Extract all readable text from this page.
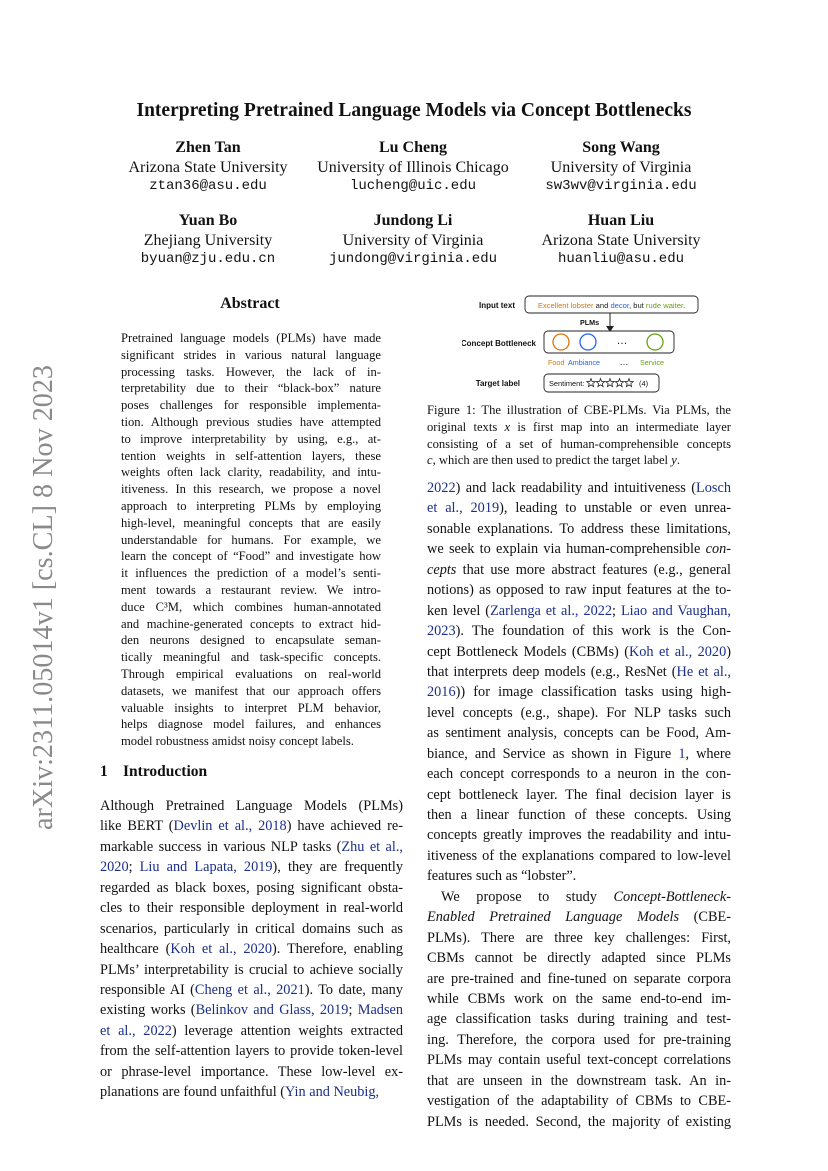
arXiv:2311.05014v1 [cs.CL] 8 Nov 2023
Interpreting Pretrained Language Models via Concept Bottlenecks
Zhen Tan
Arizona State University
ztan36@asu.edu
Lu Cheng
University of Illinois Chicago
lucheng@uic.edu
Song Wang
University of Virginia
sw3wv@virginia.edu
Yuan Bo
Zhejiang University
byuan@zju.edu.cn
Jundong Li
University of Virginia
jundong@virginia.edu
Huan Liu
Arizona State University
huanliu@asu.edu
Abstract
Pretrained language models (PLMs) have made
significant strides in various natural language
processing tasks. However, the lack of in-
terpretability due to their “black-box” nature
poses challenges for responsible implementa-
tion. Although previous studies have attempted
to improve interpretability by using, e.g., at-
tention weights in self-attention layers, these
weights often lack clarity, readability, and intu-
itiveness. In this research, we propose a novel
approach to interpreting PLMs by employing
high-level, meaningful concepts that are easily
understandable for humans. For example, we
learn the concept of “Food” and investigate how
it influences the prediction of a model’s senti-
ment towards a restaurant review. We intro-
duce C³M, which combines human-annotated
and machine-generated concepts to extract hid-
den neurons designed to encapsulate seman-
tically meaningful and task-specific concepts.
Through empirical evaluations on real-world
datasets, we manifest that our approach offers
valuable insights to interpret PLM behavior,
helps diagnose model failures, and enhances
model robustness amidst noisy concept labels.
1 Introduction
Although Pretrained Language Models (PLMs)
like BERT (Devlin et al., 2018) have achieved re-
markable success in various NLP tasks (Zhu et al.,
2020; Liu and Lapata, 2019), they are frequently
regarded as black boxes, posing significant obsta-
cles to their responsible deployment in real-world
scenarios, particularly in critical domains such as
healthcare (Koh et al., 2020). Therefore, enabling
PLMs’ interpretability is crucial to achieve socially
responsible AI (Cheng et al., 2021). To date, many
existing works (Belinkov and Glass, 2019; Madsen
et al., 2022) leverage attention weights extracted
from the self-attention layers to provide token-level
or phrase-level importance. These low-level ex-
planations are found unfaithful (Yin and Neubig,
2022) and lack readability and intuitiveness (Losch
et al., 2019), leading to unstable or even unrea-
sonable explanations. To address these limitations,
we seek to explain via human-comprehensible con-
cepts that use more abstract features (e.g., general
notions) as opposed to raw input features at the to-
ken level (Zarlenga et al., 2022; Liao and Vaughan,
2023). The foundation of this work is the Con-
cept Bottleneck Models (CBMs) (Koh et al., 2020)
that interprets deep models (e.g., ResNet (He et al.,
2016)) for image classification tasks using high-
level concepts (e.g., shape). For NLP tasks such
as sentiment analysis, concepts can be Food, Am-
biance, and Service as shown in Figure 1, where
each concept corresponds to a neuron in the con-
cept bottleneck layer. The final decision layer is
then a linear function of these concepts. Using
concepts greatly improves the readability and intu-
itiveness of the explanations compared to low-level
features such as “lobster”.
We propose to study Concept-Bottleneck-
Enabled Pretrained Language Models (CBE-
PLMs). There are three key challenges: First,
CBMs cannot be directly adapted since PLMs
are pre-trained and fine-tuned on separate corpora
while CBMs work on the same end-to-end im-
age classification tasks during training and test-
ing. Therefore, the corpora used for pre-training
PLMs may contain useful text-concept correlations
that are unseen in the downstream task. An in-
vestigation of the adaptability of CBMs to CBE-
PLMs is needed. Second, the majority of existing
Input text	Excellent lobster and decor, but rude waiter.
PLMs
Concept Bottleneck	…
Food Ambiance … Service
Target label	Sentiment:	(4)
Figure 1: The illustration of CBE-PLMs. Via PLMs, the
original texts x is first map into an intermediate layer
consisting of a set of human-comprehensible concepts
c, which are then used to predict the target label y.
